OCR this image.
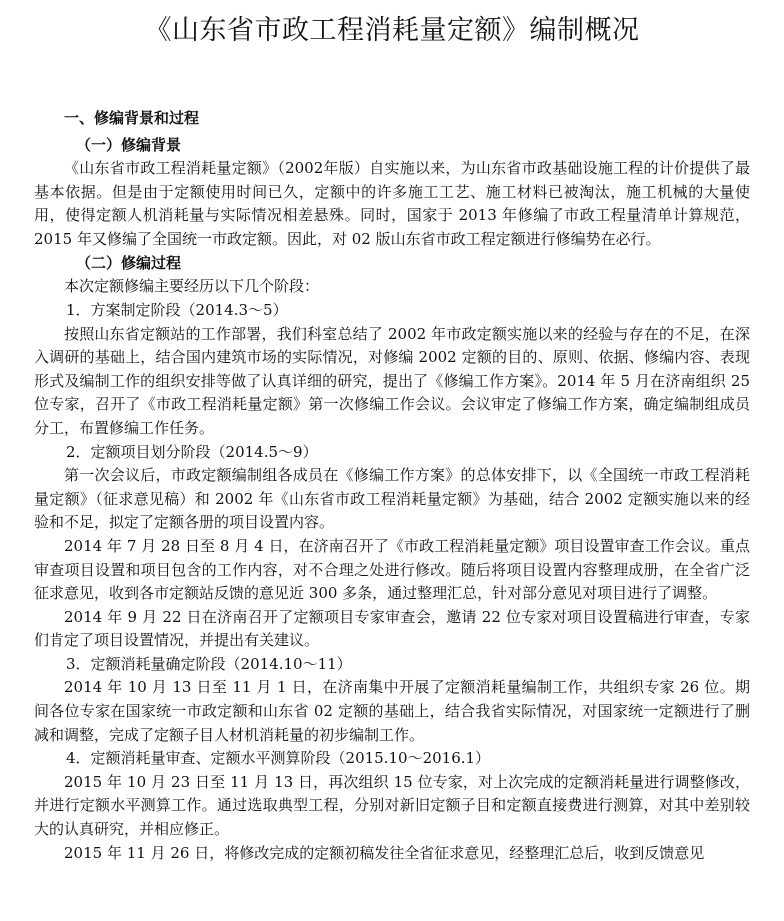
《山东省市政工程消耗量定额》编制概况
一、修编背景和过程
（一）修编背景

《山东省市政工程消耗量定额》（2002年版）自实施以来，为山东省市政基础设施工程的计价提供了最基本依据。但是由于定额使用时间已久，定额中的许多施工工艺、施工材料已被淘汰，施工机械的大量使用，使得定额人机消耗量与实际情况相差悬殊。同时，国家于 2013 年修编了市政工程量清单计算规范，2015 年又修编了全国统一市政定额。因此，对 02 版山东省市政工程定额进行修编势在必行。

（二）修编过程

本次定额修编主要经历以下几个阶段：

1．方案制定阶段（2014.3～5）

按照山东省定额站的工作部署，我们科室总结了 2002 年市政定额实施以来的经验与存在的不足，在深入调研的基础上，结合国内建筑市场的实际情况，对修编 2002 定额的目的、原则、依据、修编内容、表现形式及编制工作的组织安排等做了认真详细的研究，提出了《修编工作方案》。2014 年 5 月在济南组织 25 位专家，召开了《市政工程消耗量定额》第一次修编工作会议。会议审定了修编工作方案，确定编制组成员分工，布置修编工作任务。

2．定额项目划分阶段（2014.5～9）

第一次会议后，市政定额编制组各成员在《修编工作方案》的总体安排下，以《全国统一市政工程消耗量定额》（征求意见稿）和 2002 年《山东省市政工程消耗量定额》为基础，结合 2002 定额实施以来的经验和不足，拟定了定额各册的项目设置内容。

2014 年 7 月 28 日至 8 月 4 日，在济南召开了《市政工程消耗量定额》项目设置审查工作会议。重点审查项目设置和项目包含的工作内容，对不合理之处进行修改。随后将项目设置内容整理成册，在全省广泛征求意见，收到各市定额站反馈的意见近 300 多条，通过整理汇总，针对部分意见对项目进行了调整。

2014 年 9 月 22 日在济南召开了定额项目专家审查会，邀请 22 位专家对项目设置稿进行审查，专家们肯定了项目设置情况，并提出有关建议。

3．定额消耗量确定阶段（2014.10～11）

2014 年 10 月 13 日至 11 月 1 日，在济南集中开展了定额消耗量编制工作，共组织专家 26 位。期间各位专家在国家统一市政定额和山东省 02 定额的基础上，结合我省实际情况，对国家统一定额进行了删减和调整，完成了定额子目人材机消耗量的初步编制工作。

4．定额消耗量审查、定额水平测算阶段（2015.10～2016.1）

2015 年 10 月 23 日至 11 月 13 日，再次组织 15 位专家，对上次完成的定额消耗量进行调整修改，并进行定额水平测算工作。通过选取典型工程，分别对新旧定额子目和定额直接费进行测算，对其中差别较大的认真研究，并相应修正。

2015 年 11 月 26 日，将修改完成的定额初稿发往全省征求意见，经整理汇总后，收到反馈意见
